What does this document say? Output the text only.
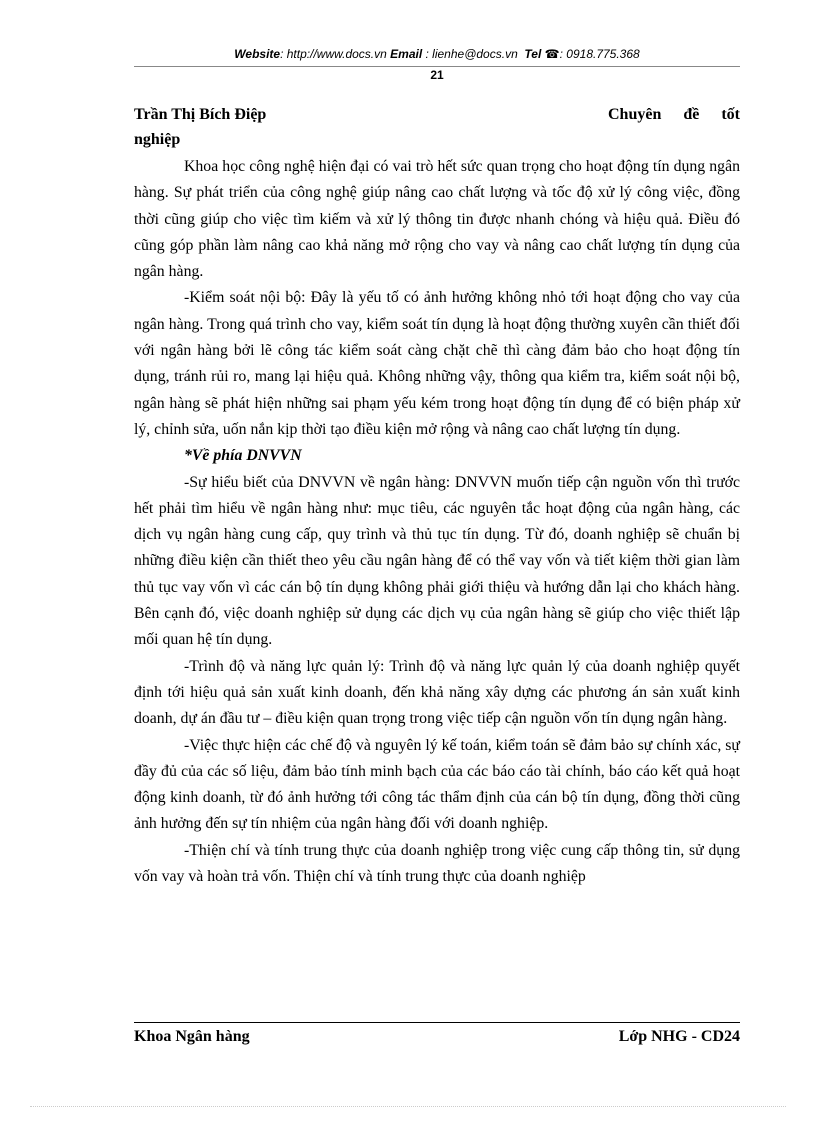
Website: http://www.docs.vn Email : lienhe@docs.vn Tel ☎: 0918.775.368
21
Trần Thị Bích Điệp	Chuyên đề tốt
nghiệp

Khoa học công nghệ hiện đại có vai trò hết sức quan trọng cho hoạt động tín dụng ngân hàng. Sự phát triển của công nghệ giúp nâng cao chất lượng và tốc độ xử lý công việc, đồng thời cũng giúp cho việc tìm kiếm và xử lý thông tin được nhanh chóng và hiệu quả. Điều đó cũng góp phần làm nâng cao khả năng mở rộng cho vay và nâng cao chất lượng tín dụng của ngân hàng.

-Kiểm soát nội bộ: Đây là yếu tố có ảnh hưởng không nhỏ tới hoạt động cho vay của ngân hàng. Trong quá trình cho vay, kiểm soát tín dụng là hoạt động thường xuyên cần thiết đối với ngân hàng bởi lẽ công tác kiểm soát càng chặt chẽ thì càng đảm bảo cho hoạt động tín dụng, tránh rủi ro, mang lại hiệu quả. Không những vậy, thông qua kiểm tra, kiểm soát nội bộ, ngân hàng sẽ phát hiện những sai phạm yếu kém trong hoạt động tín dụng để có biện pháp xử lý, chỉnh sửa, uốn nắn kịp thời tạo điều kiện mở rộng và nâng cao chất lượng tín dụng.

*Về phía DNVVN

-Sự hiểu biết của DNVVN về ngân hàng: DNVVN muốn tiếp cận nguồn vốn thì trước hết phải tìm hiểu về ngân hàng như: mục tiêu, các nguyên tắc hoạt động của ngân hàng, các dịch vụ ngân hàng cung cấp, quy trình và thủ tục tín dụng. Từ đó, doanh nghiệp sẽ chuẩn bị những điều kiện cần thiết theo yêu cầu ngân hàng để có thể vay vốn và tiết kiệm thời gian làm thủ tục vay vốn vì các cán bộ tín dụng không phải giới thiệu và hướng dẫn lại cho khách hàng. Bên cạnh đó, việc doanh nghiệp sử dụng các dịch vụ của ngân hàng sẽ giúp cho việc thiết lập mối quan hệ tín dụng.

-Trình độ và năng lực quản lý: Trình độ và năng lực quản lý của doanh nghiệp quyết định tới hiệu quả sản xuất kinh doanh, đến khả năng xây dựng các phương án sản xuất kinh doanh, dự án đầu tư – điều kiện quan trọng trong việc tiếp cận nguồn vốn tín dụng ngân hàng.

-Việc thực hiện các chế độ và nguyên lý kế toán, kiểm toán sẽ đảm bảo sự chính xác, sự đầy đủ của các số liệu, đảm bảo tính minh bạch của các báo cáo tài chính, báo cáo kết quả hoạt động kinh doanh, từ đó ảnh hưởng tới công tác thẩm định của cán bộ tín dụng, đồng thời cũng ảnh hưởng đến sự tín nhiệm của ngân hàng đối với doanh nghiệp.

-Thiện chí và tính trung thực của doanh nghiệp trong việc cung cấp thông tin, sử dụng vốn vay và hoàn trả vốn. Thiện chí và tính trung thực của doanh nghiệp

Khoa Ngân hàng	Lớp NHG - CD24
